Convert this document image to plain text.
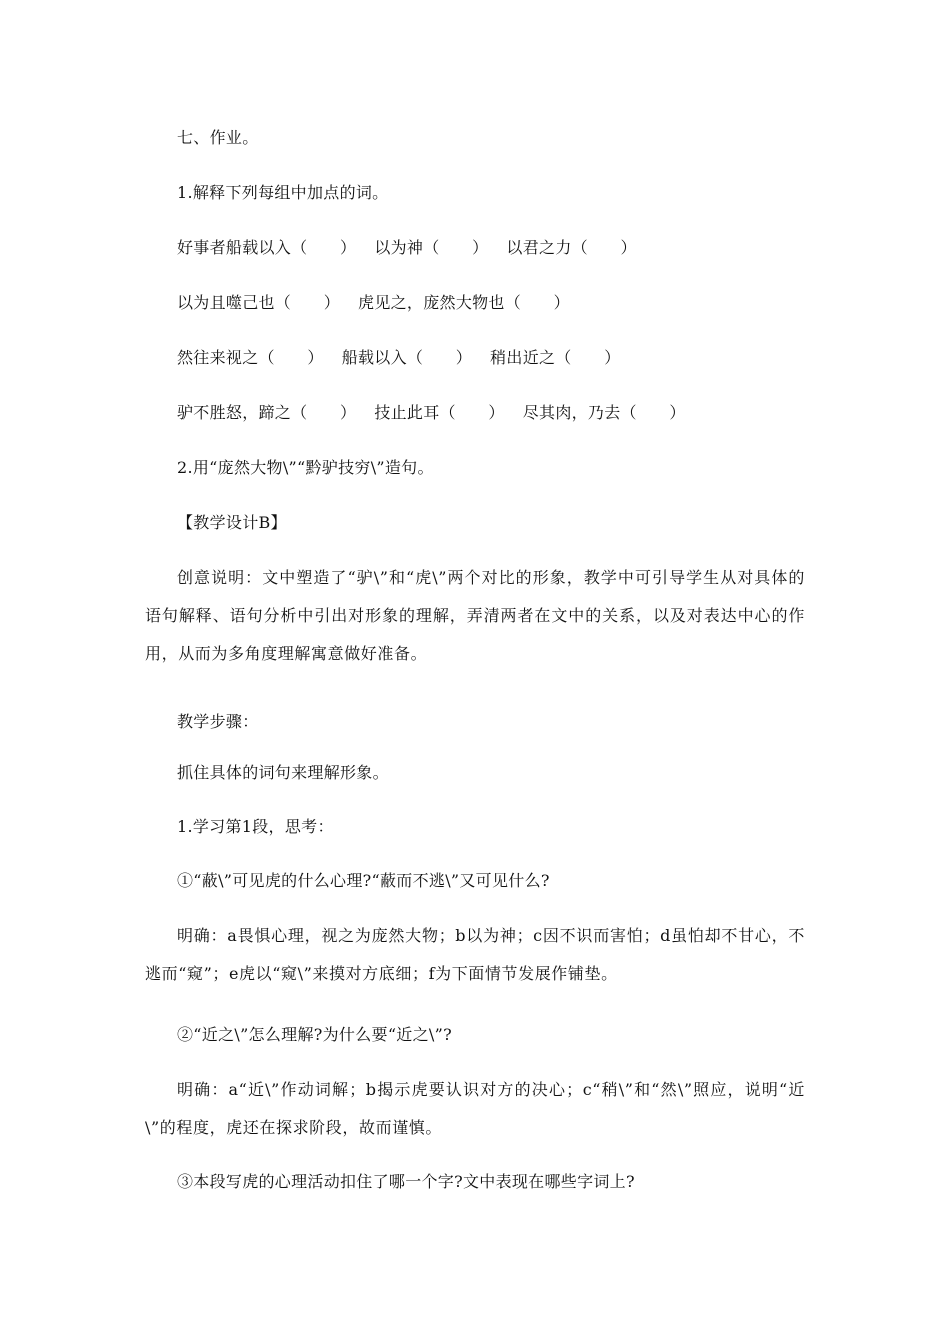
七、作业。
1.解释下列每组中加点的词。
好事者船载以入（　　） 以为神（　　） 以君之力（　　）
以为且噬己也（　　） 虎见之，庞然大物也（　　）
然往来视之（　　） 船载以入（　　） 稍出近之（　　）
驴不胜怒，蹄之（　　） 技止此耳（　　） 尽其肉，乃去（　　）
2.用“庞然大物\”“黔驴技穷\”造句。
【教学设计B】
创意说明：文中塑造了“驴\”和“虎\”两个对比的形象，教学中可引导学生从对具体的语句解释、语句分析中引出对形象的理解，弄清两者在文中的关系，以及对表达中心的作用，从而为多角度理解寓意做好准备。
教学步骤：
抓住具体的词句来理解形象。
1.学习第1段，思考：
①“蔽\”可见虎的什么心理?“蔽而不逃\”又可见什么?
明确：a畏惧心理，视之为庞然大物；b以为神；c因不识而害怕；d虽怕却不甘心，不逃而“窥”；e虎以“窥\”来摸对方底细；f为下面情节发展作铺垫。
②“近之\”怎么理解?为什么要“近之\”?
明确：a“近\”作动词解；b揭示虎要认识对方的决心；c“稍\”和“然\”照应，说明“近\”的程度，虎还在探求阶段，故而谨慎。
③本段写虎的心理活动扣住了哪一个字?文中表现在哪些字词上?
